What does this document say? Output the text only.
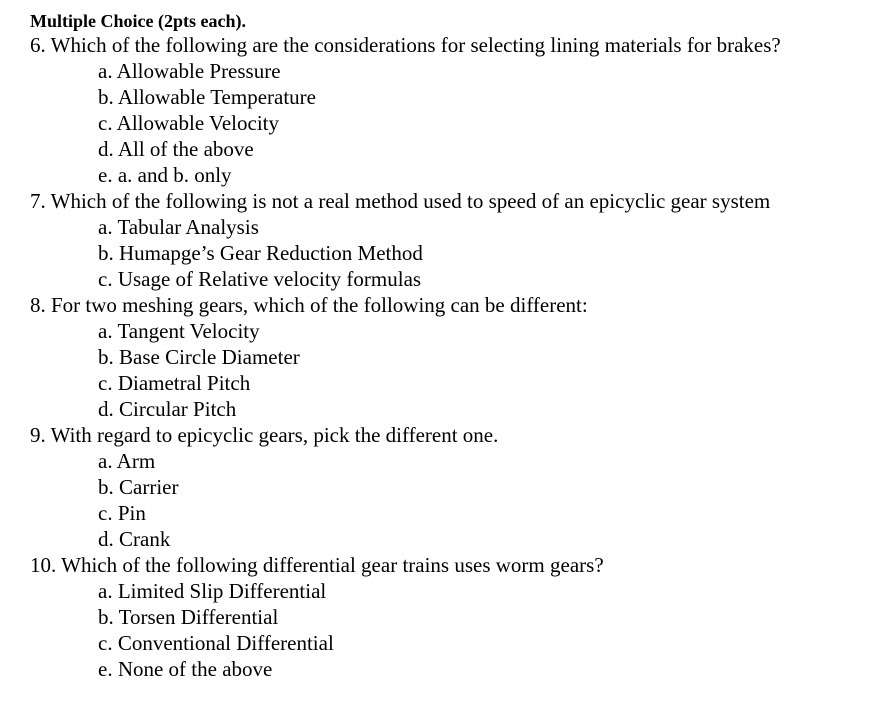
Multiple Choice (2pts each).
6. Which of the following are the considerations for selecting lining materials for brakes?
a. Allowable Pressure
b. Allowable Temperature
c. Allowable Velocity
d. All of the above
e. a. and b. only
7. Which of the following is not a real method used to speed of an epicyclic gear system
a. Tabular Analysis
b. Humapge’s Gear Reduction Method
c. Usage of Relative velocity formulas
8. For two meshing gears, which of the following can be different:
a. Tangent Velocity
b. Base Circle Diameter
c. Diametral Pitch
d. Circular Pitch
9. With regard to epicyclic gears, pick the different one.
a. Arm
b. Carrier
c. Pin
d. Crank
10. Which of the following differential gear trains uses worm gears?
a. Limited Slip Differential
b. Torsen Differential
c. Conventional Differential
e. None of the above
